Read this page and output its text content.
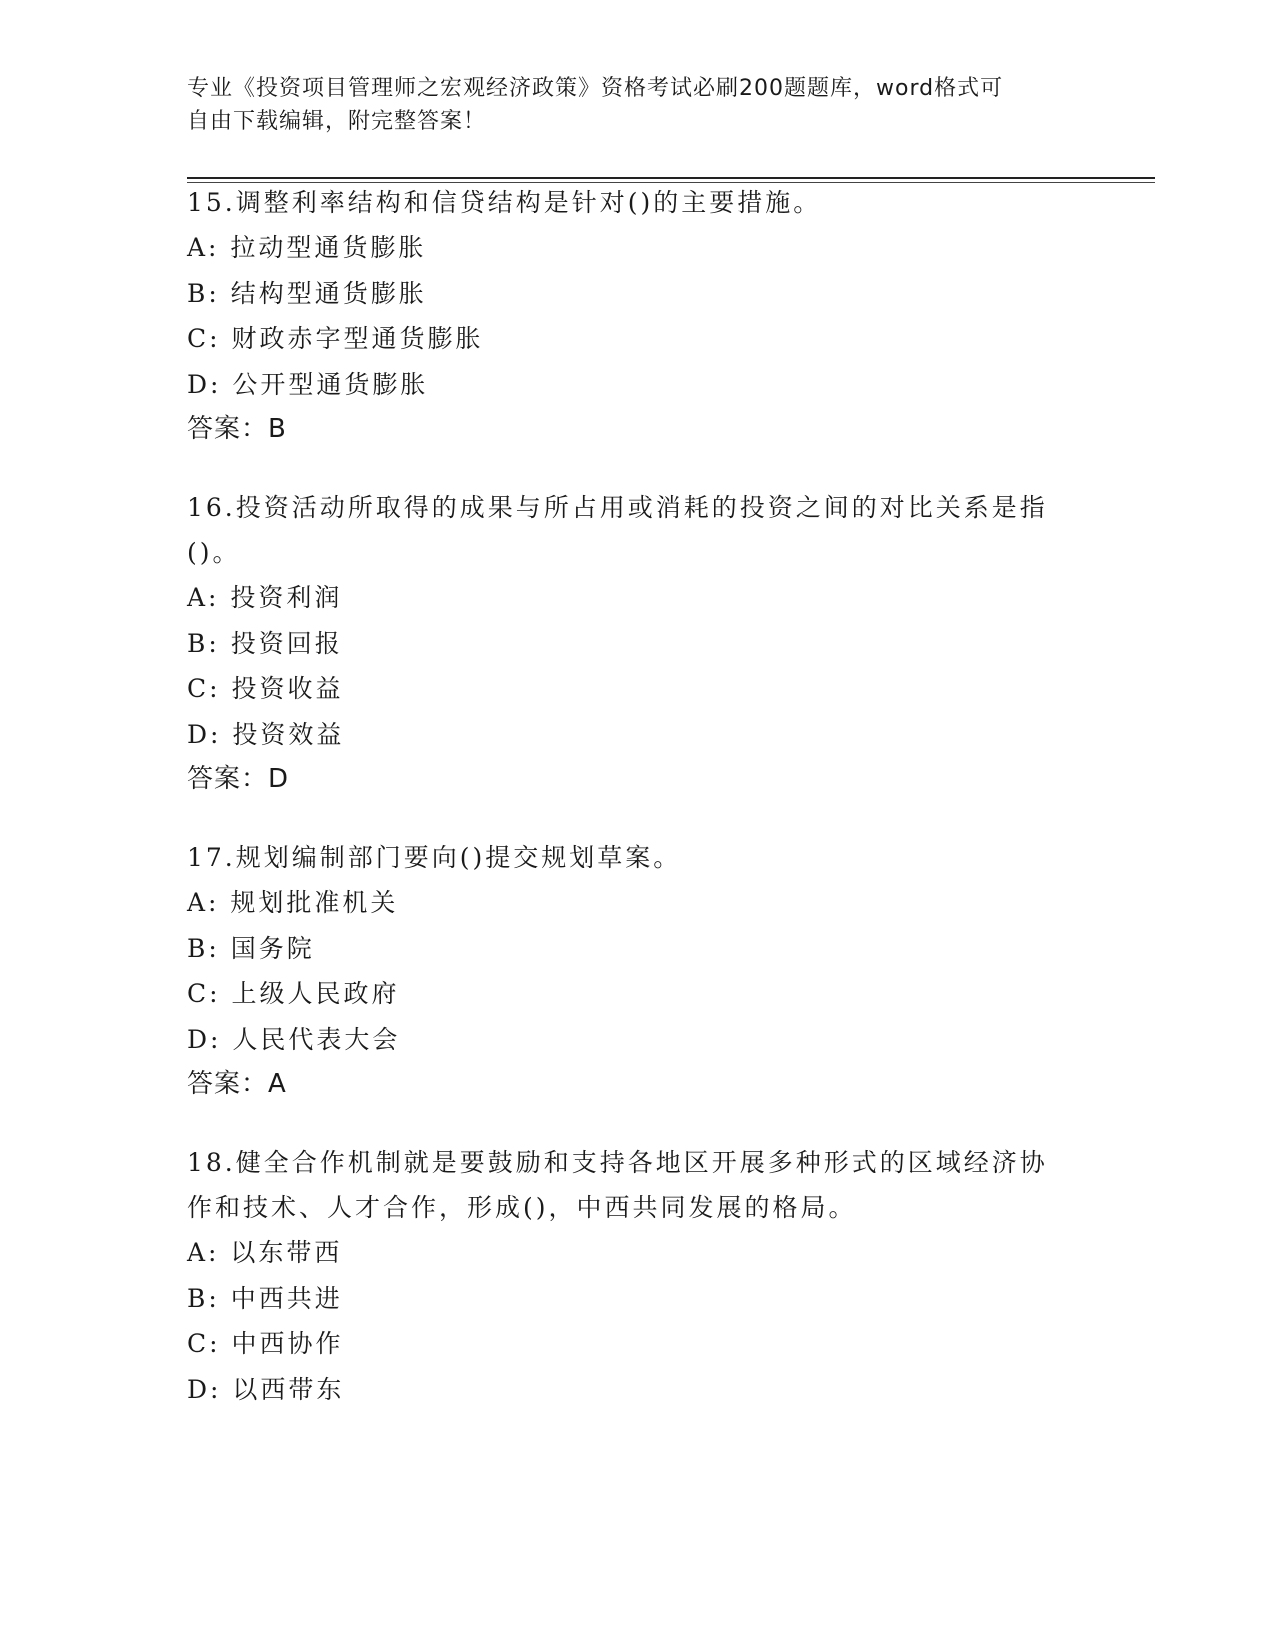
专业《投资项目管理师之宏观经济政策》资格考试必刷200题题库，word格式可
自由下载编辑，附完整答案！
15.调整利率结构和信贷结构是针对()的主要措施。
A: 拉动型通货膨胀
B: 结构型通货膨胀
C: 财政赤字型通货膨胀
D: 公开型通货膨胀
答案：B
16.投资活动所取得的成果与所占用或消耗的投资之间的对比关系是指()。
A: 投资利润
B: 投资回报
C: 投资收益
D: 投资效益
答案：D
17.规划编制部门要向()提交规划草案。
A: 规划批准机关
B: 国务院
C: 上级人民政府
D: 人民代表大会
答案：A
18.健全合作机制就是要鼓励和支持各地区开展多种形式的区域经济协作和技术、人才合作，形成()，中西共同发展的格局。
A: 以东带西
B: 中西共进
C: 中西协作
D: 以西带东
